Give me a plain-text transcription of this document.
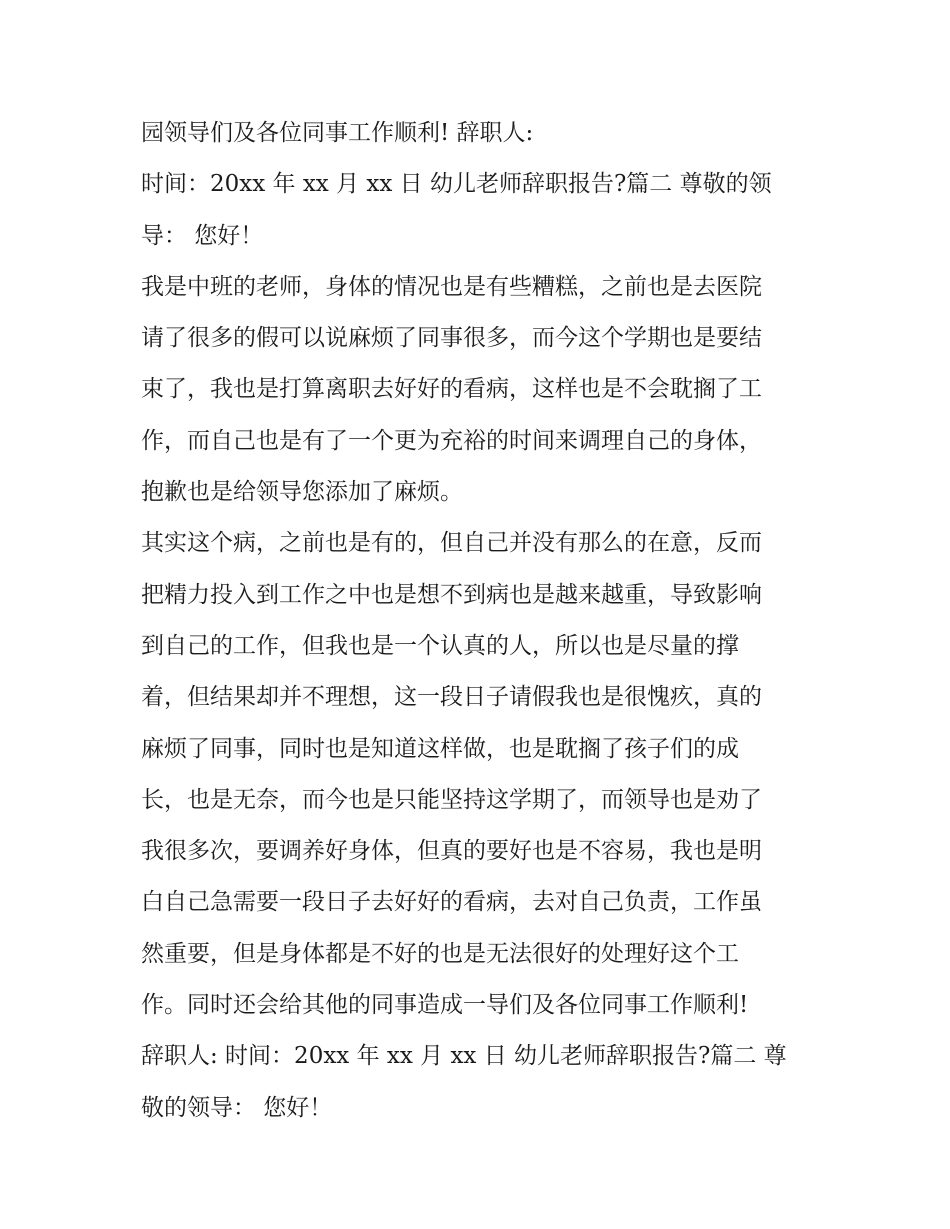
园领导们及各位同事工作顺利! 辞职人:
时间：20xx 年 xx 月 xx 日 幼儿老师辞职报告?篇二 尊敬的领
导： 您好！
我是中班的老师，身体的情况也是有些糟糕，之前也是去医院
请了很多的假可以说麻烦了同事很多，而今这个学期也是要结
束了，我也是打算离职去好好的看病，这样也是不会耽搁了工
作，而自己也是有了一个更为充裕的时间来调理自己的身体，
抱歉也是给领导您添加了麻烦。
其实这个病，之前也是有的，但自己并没有那么的在意，反而
把精力投入到工作之中也是想不到病也是越来越重，导致影响
到自己的工作，但我也是一个认真的人，所以也是尽量的撑
着，但结果却并不理想，这一段日子请假我也是很愧疚，真的
麻烦了同事，同时也是知道这样做，也是耽搁了孩子们的成
长，也是无奈，而今也是只能坚持这学期了，而领导也是劝了
我很多次，要调养好身体，但真的要好也是不容易，我也是明
白自己急需要一段日子去好好的看病，去对自己负责，工作虽
然重要，但是身体都是不好的也是无法很好的处理好这个工
作。同时还会给其他的同事造成一导们及各位同事工作顺利!
辞职人: 时间：20xx 年 xx 月 xx 日 幼儿老师辞职报告?篇二 尊
敬的领导： 您好！
